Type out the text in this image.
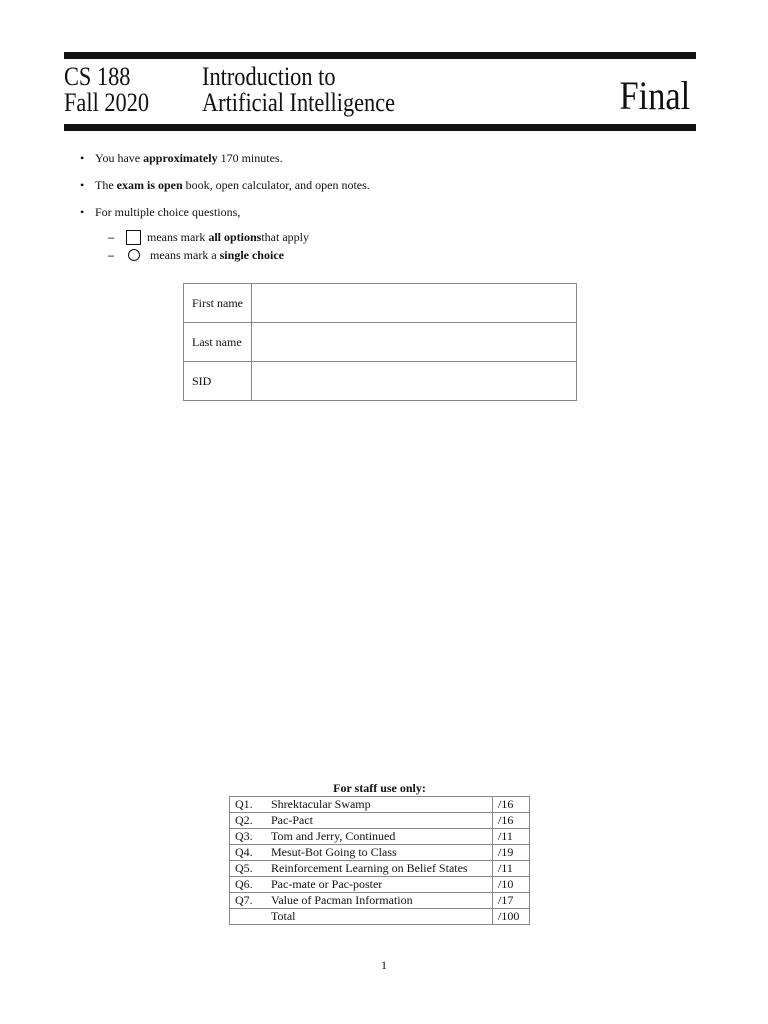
CS 188
Fall 2020
Introduction to
Artificial Intelligence	Final
• You have approximately 170 minutes.
• The exam is open book, open calculator, and open notes.
• For multiple choice questions,
–	means mark
all options that apply
–	means mark a
single choice
First name	
Last name	
SID	
For staff use only:
Q1.	Shrektacular Swamp	/16
Q2.	Pac-Pact	/16
Q3.	Tom and Jerry, Continued	/11
Q4.	Mesut-Bot Going to Class	/19
Q5.	Reinforcement Learning on Belief States	/11
Q6.	Pac-mate or Pac-poster	/10
Q7.	Value of Pacman Information	/17
	Total	/100
1
